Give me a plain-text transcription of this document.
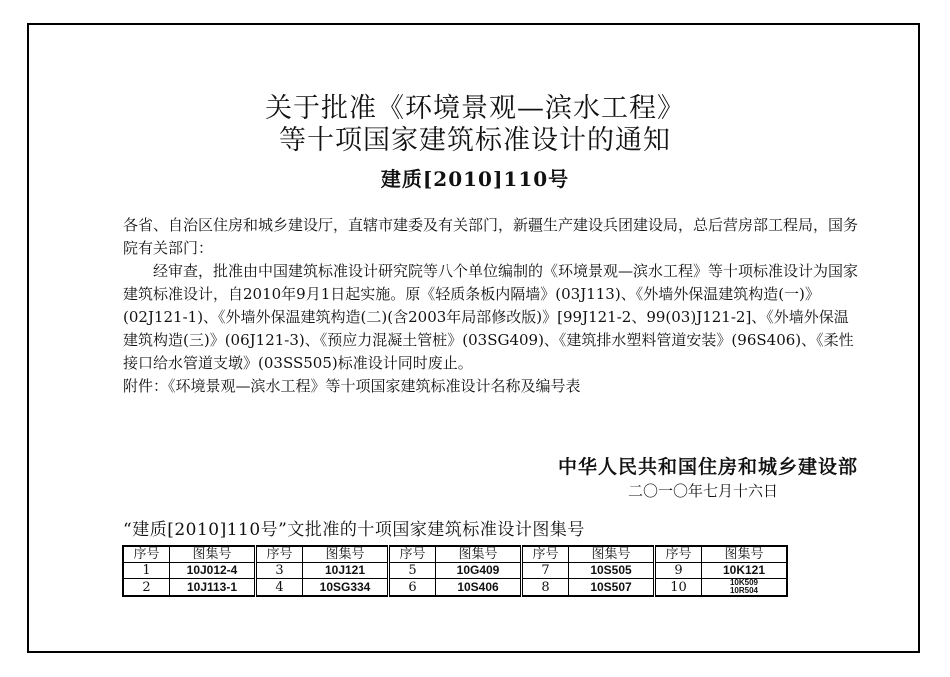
关于批准《环境景观—滨水工程》
等十项国家建筑标准设计的通知
建质[2010]110号

各省、自治区住房和城乡建设厅，直辖市建委及有关部门，新疆生产建设兵团建设局，总后营房部工程局，国务院有关部门：

经审查，批准由中国建筑标准设计研究院等八个单位编制的《环境景观—滨水工程》等十项标准设计为国家建筑标准设计，自2010年9月1日起实施。原《轻质条板内隔墙》(03J113)、《外墙外保温建筑构造(一)》(02J121-1)、《外墙外保温建筑构造(二)(含2003年局部修改版)》[99J121-2、99(03)J121-2]、《外墙外保温建筑构造(三)》(06J121-3)、《预应力混凝土管桩》(03SG409)、《建筑排水塑料管道安装》(96S406)、《柔性接口给水管道支墩》(03SS505)标准设计同时废止。

附件：《环境景观—滨水工程》等十项国家建筑标准设计名称及编号表

中华人民共和国住房和城乡建设部
二〇一〇年七月十六日
“建质[2010]110号”文批准的十项国家建筑标准设计图集号
序号	图集号	序号	图集号	序号	图集号	序号	图集号	序号	图集号
1	10J012-4	3	10J121	5	10G409	7	10S505	9	10K121
2	10J113-1	4	10SG334	6	10S406	8	10S507	10	10K509
10R504
